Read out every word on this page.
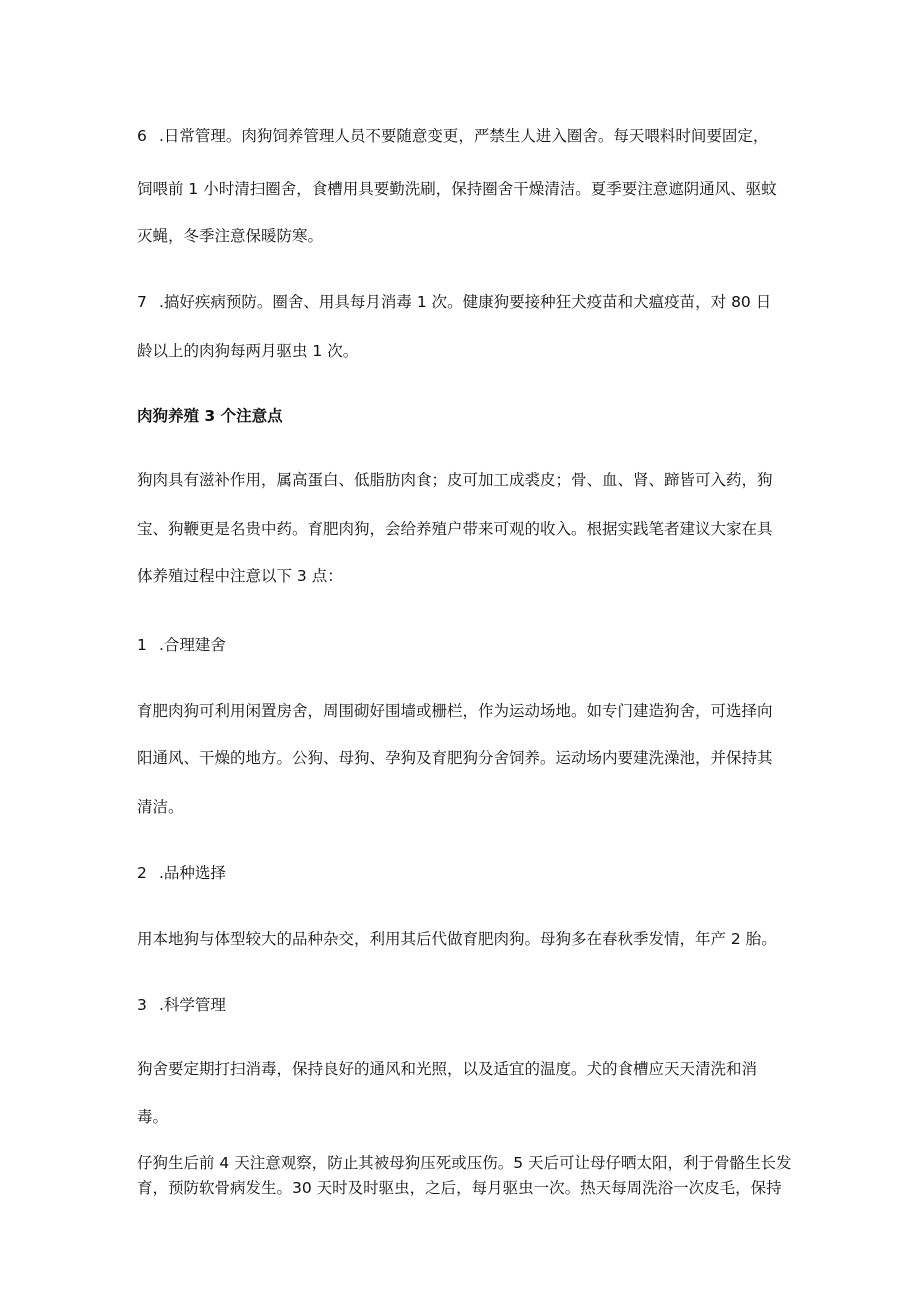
6 .日常管理。肉狗饲养管理人员不要随意变更，严禁生人进入圈舍。每天喂料时间要固定，

饲喂前 1 小时清扫圈舍，食槽用具要勤洗刷，保持圈舍干燥清洁。夏季要注意遮阴通风、驱蚊

灭蝇，冬季注意保暖防寒。

7 .搞好疾病预防。圈舍、用具每月消毒 1 次。健康狗要接种狂犬疫苗和犬瘟疫苗，对 80 日

龄以上的肉狗每两月驱虫 1 次。

肉狗养殖 3 个注意点

狗肉具有滋补作用，属高蛋白、低脂肪肉食；皮可加工成裘皮；骨、血、肾、蹄皆可入药，狗

宝、狗鞭更是名贵中药。育肥肉狗，会给养殖户带来可观的收入。根据实践笔者建议大家在具

体养殖过程中注意以下 3 点：

1 .合理建舍

育肥肉狗可利用闲置房舍，周围砌好围墙或栅栏，作为运动场地。如专门建造狗舍，可选择向

阳通风、干燥的地方。公狗、母狗、孕狗及育肥狗分舍饲养。运动场内要建洗澡池，并保持其

清洁。

2 .品种选择

用本地狗与体型较大的品种杂交，利用其后代做育肥肉狗。母狗多在春秋季发情，年产 2 胎。

3 .科学管理

狗舍要定期打扫消毒，保持良好的通风和光照，以及适宜的温度。犬的食槽应天天清洗和消

毒。

仔狗生后前 4 天注意观察，防止其被母狗压死或压伤。5 天后可让母仔晒太阳，利于骨骼生长发

育，预防软骨病发生。30 天时及时驱虫，之后，每月驱虫一次。热天每周洗浴一次皮毛，保持
